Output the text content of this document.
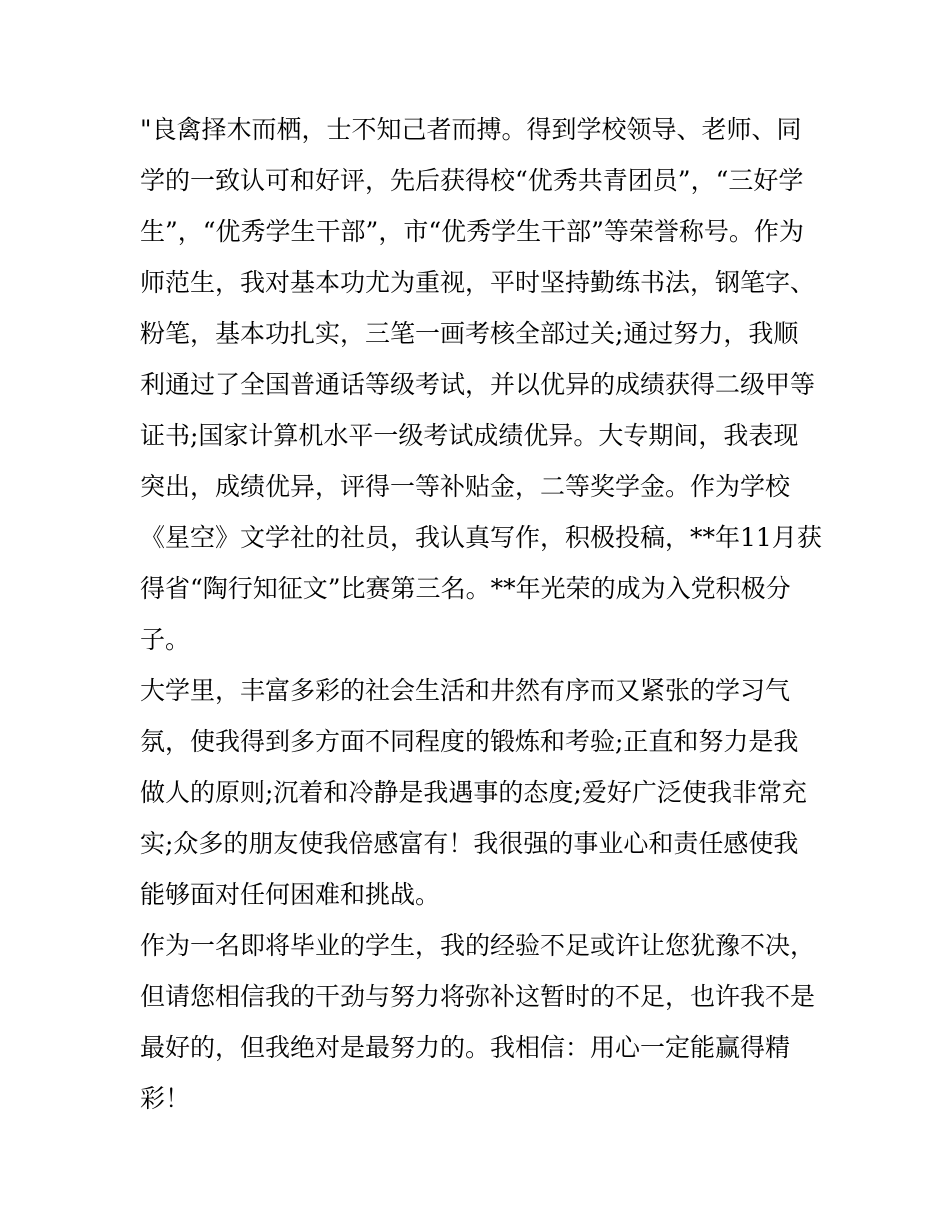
"良禽择木而栖，士不知己者而搏。得到学校领导、老师、同
学的一致认可和好评，先后获得校“优秀共青团员”，“三好学
生”，“优秀学生干部”，市“优秀学生干部”等荣誉称号。作为
师范生，我对基本功尤为重视，平时坚持勤练书法，钢笔字、
粉笔，基本功扎实，三笔一画考核全部过关;通过努力，我顺
利通过了全国普通话等级考试，并以优异的成绩获得二级甲等
证书;国家计算机水平一级考试成绩优异。大专期间，我表现
突出，成绩优异，评得一等补贴金，二等奖学金。作为学校
《星空》文学社的社员，我认真写作，积极投稿，**年11月获
得省“陶行知征文”比赛第三名。**年光荣的成为入党积极分
子。
大学里，丰富多彩的社会生活和井然有序而又紧张的学习气
氛，使我得到多方面不同程度的锻炼和考验;正直和努力是我
做人的原则;沉着和冷静是我遇事的态度;爱好广泛使我非常充
实;众多的朋友使我倍感富有！我很强的事业心和责任感使我
能够面对任何困难和挑战。
作为一名即将毕业的学生，我的经验不足或许让您犹豫不决，
但请您相信我的干劲与努力将弥补这暂时的不足，也许我不是
最好的，但我绝对是最努力的。我相信：用心一定能赢得精
彩！
